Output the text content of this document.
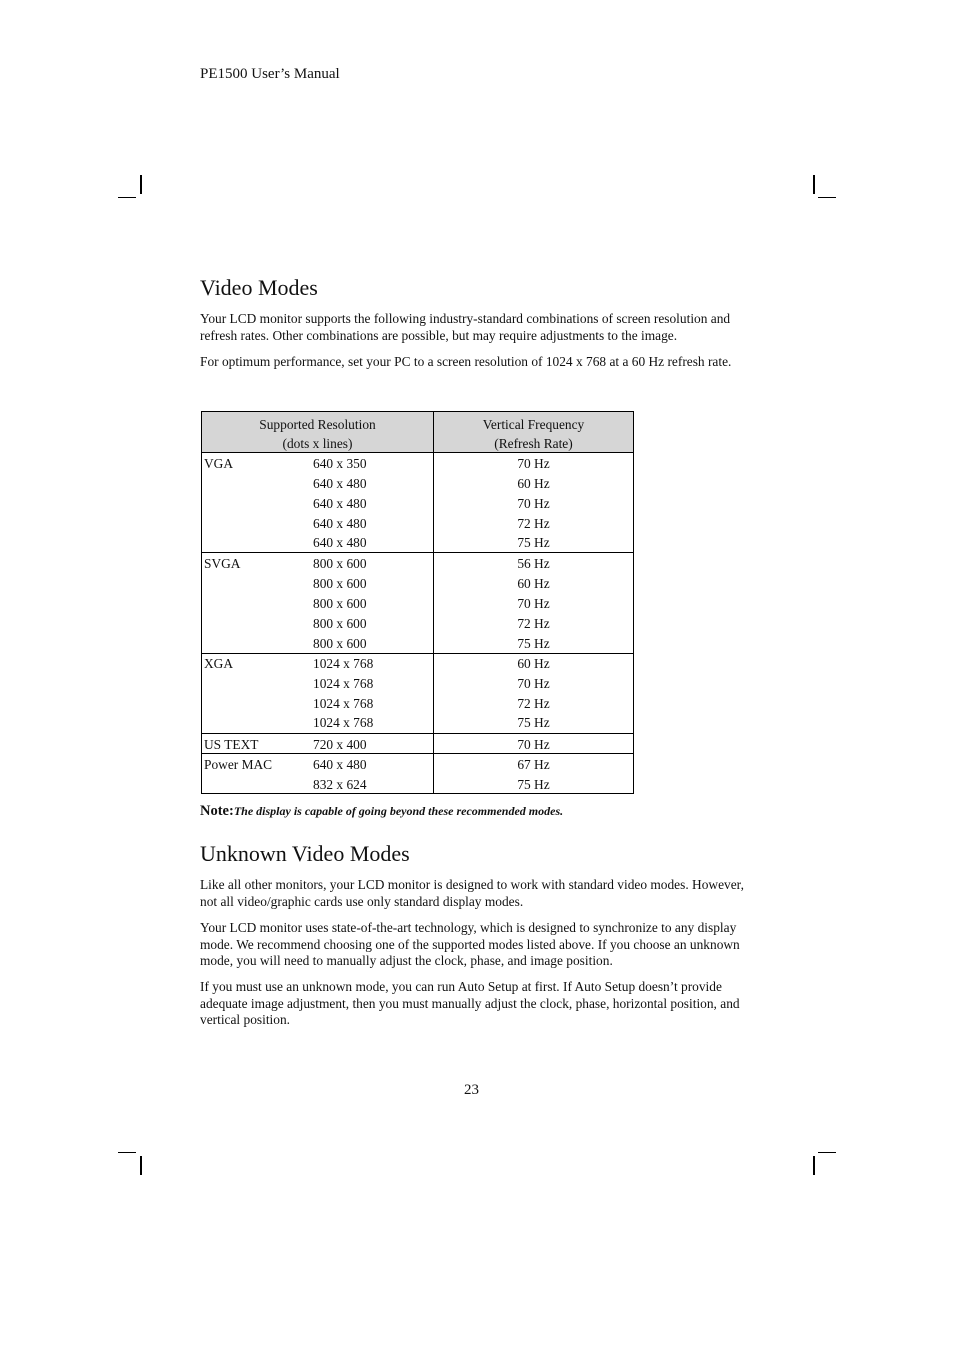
PE1500 User’s Manual
Video Modes

Your LCD monitor supports the following industry-standard combinations of screen resolution and refresh rates. Other combinations are possible, but may require adjustments to the image.

For optimum performance, set your PC to a screen resolution of 1024 x 768 at a 60 Hz refresh rate.

Supported Resolution
(dots x lines)
Vertical Frequency
(Refresh Rate)
VGA	640 x 350	70 Hz
640 x 480	60 Hz
640 x 480	70 Hz
640 x 480	72 Hz
640 x 480	75 Hz
SVGA	800 x 600	56 Hz
800 x 600	60 Hz
800 x 600	70 Hz
800 x 600	72 Hz
800 x 600	75 Hz
XGA	1024 x 768	60 Hz
1024 x 768	70 Hz
1024 x 768	72 Hz
1024 x 768	75 Hz
US TEXT	720 x 400	70 Hz
Power MAC	640 x 480	67 Hz
832 x 624	75 Hz
Note:The display is capable of going beyond these recommended modes.
Unknown Video Modes

Like all other monitors, your LCD monitor is designed to work with standard video modes. However, not all video/graphic cards use only standard display modes.

Your LCD monitor uses state-of-the-art technology, which is designed to synchronize to any display mode. We recommend choosing one of the supported modes listed above. If you choose an unknown mode, you will need to manually adjust the clock, phase, and image position.

If you must use an unknown mode, you can run Auto Setup at first. If Auto Setup doesn’t provide adequate image adjustment, then you must manually adjust the clock, phase, horizontal position, and vertical position.

23
